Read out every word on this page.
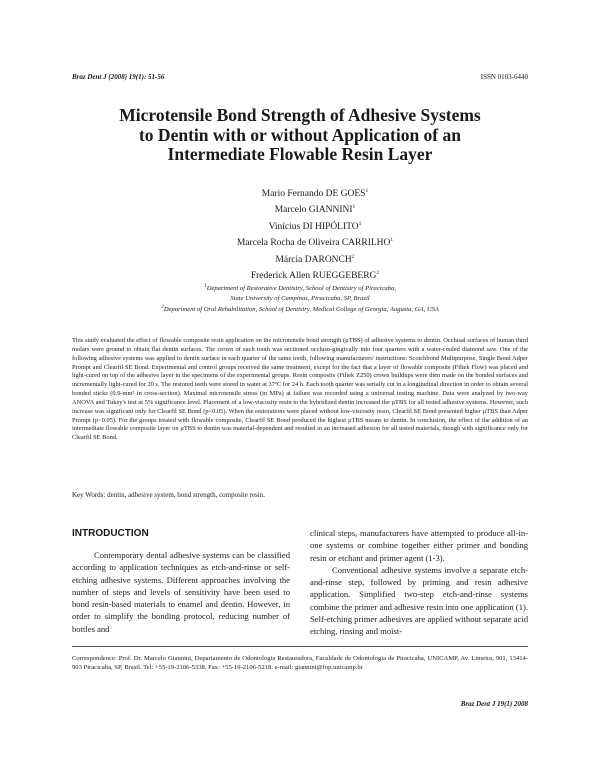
Braz Dent J (2008) 19(1): 51-56	ISSN 0103-6440
Microtensile Bond Strength of Adhesive Systems
to Dentin with or without Application of an
Intermediate Flowable Resin Layer
Mario Fernando DE GOES$^1$
Marcelo GIANNINI$^1$
Vinícius DI HIPÓLITO$^1$
Marcela Rocha de Oliveira CARRILHO$^1$
Márcia DARONCH$^2$
Frederick Allen RUEGGEBERG$^2$
$^1$Department of Restorative Dentistry, School of Dentistry of Piracicaba,
State University of Campinas, Piracicaba, SP, Brazil
$^2$Department of Oral Rehabilitation, School of Dentistry, Medical College of Georgia, Augusta, GA, USA
This study evaluated the effect of flowable composite resin application on the microtensile bond strength (µTBS) of adhesive systems to dentin. Occlusal surfaces of human third molars were ground to obtain flat dentin surfaces. The crown of each tooth was sectioned occluso-gingivally into four quarters with a water-cooled diamond saw. One of the following adhesive systems was applied to dentin surface in each quarter of the same tooth, following manufacturers' instructions: Scotchbond Multipurpose, Single Bond Adper Prompt and Clearfil SE Bond. Experimental and control groups received the same treatment, except for the fact that a layer of flowable composite (Filtek Flow) was placed and light-cured on top of the adhesive layer in the specimens of the experimental groups. Resin composite (Filtek Z250) crown buildups were then made on the bonded surfaces and incrementally light-cured for 20 s. The restored teeth were stored in water at 37ºC for 24 h. Each tooth quarter was serially cut in a longitudinal direction in order to obtain several bonded sticks (0.9-mm² in cross-section). Maximal microtensile stress (in MPa) at failure was recorded using a universal testing machine. Data were analyzed by two-way ANOVA and Tukey's test at 5% significance level. Placement of a low-viscosity resin to the hybridized dentin increased the µTBS for all tested adhesive systems. However, such increase was significant only for Clearfil SE Bond (p<0.05). When the restorations were placed without low-viscosity resin, Clearfil SE Bond presented higher µTBS than Adper Prompt (p<0.05). For the groups treated with flowable composite, Clearfil SE Bond produced the highest µTBS means to dentin. In conclusion, the effect of the addition of an intermediate flowable composite layer on µTBS to dentin was material-dependent and resulted in an increased adhesion for all tested materials, though with significance only for Clearfil SE Bond.
Key Words: dentin, adhesive system, bond strength, composite resin.
INTRODUCTION

Contemporary dental adhesive systems can be classified according to application techniques as etch-and-rinse or self-etching adhesive systems. Different approaches involving the number of steps and levels of sensitivity have been used to bond resin-based materials to enamel and dentin. However, in order to simplify the bonding protocol, reducing number of bottles and

clinical steps, manufacturers have attempted to produce all-in-one systems or combine together either primer and bonding resin or etchant and primer agent (1-3).

Conventional adhesive systems involve a separate etch-and-rinse step, followed by priming and resin adhesive application. Simplified two-step etch-and-rinse systems combine the primer and adhesive resin into one application (1). Self-etching primer adhesives are applied without separate acid etching, rinsing and moist-

Correspondence: Prof. Dr. Marcelo Giannini, Departamento de Odontologia Restauradora, Faculdade de Odontologia de Piracicaba, UNICAMP, Av. Limeira, 901, 13414-903 Piracicaba, SP, Brasil. Tel: +55-19-2106-5338. Fax: +55-19-2106-5218. e-mail: giannini@fop.unicamp.br
Braz Dent J 19(1) 2008
